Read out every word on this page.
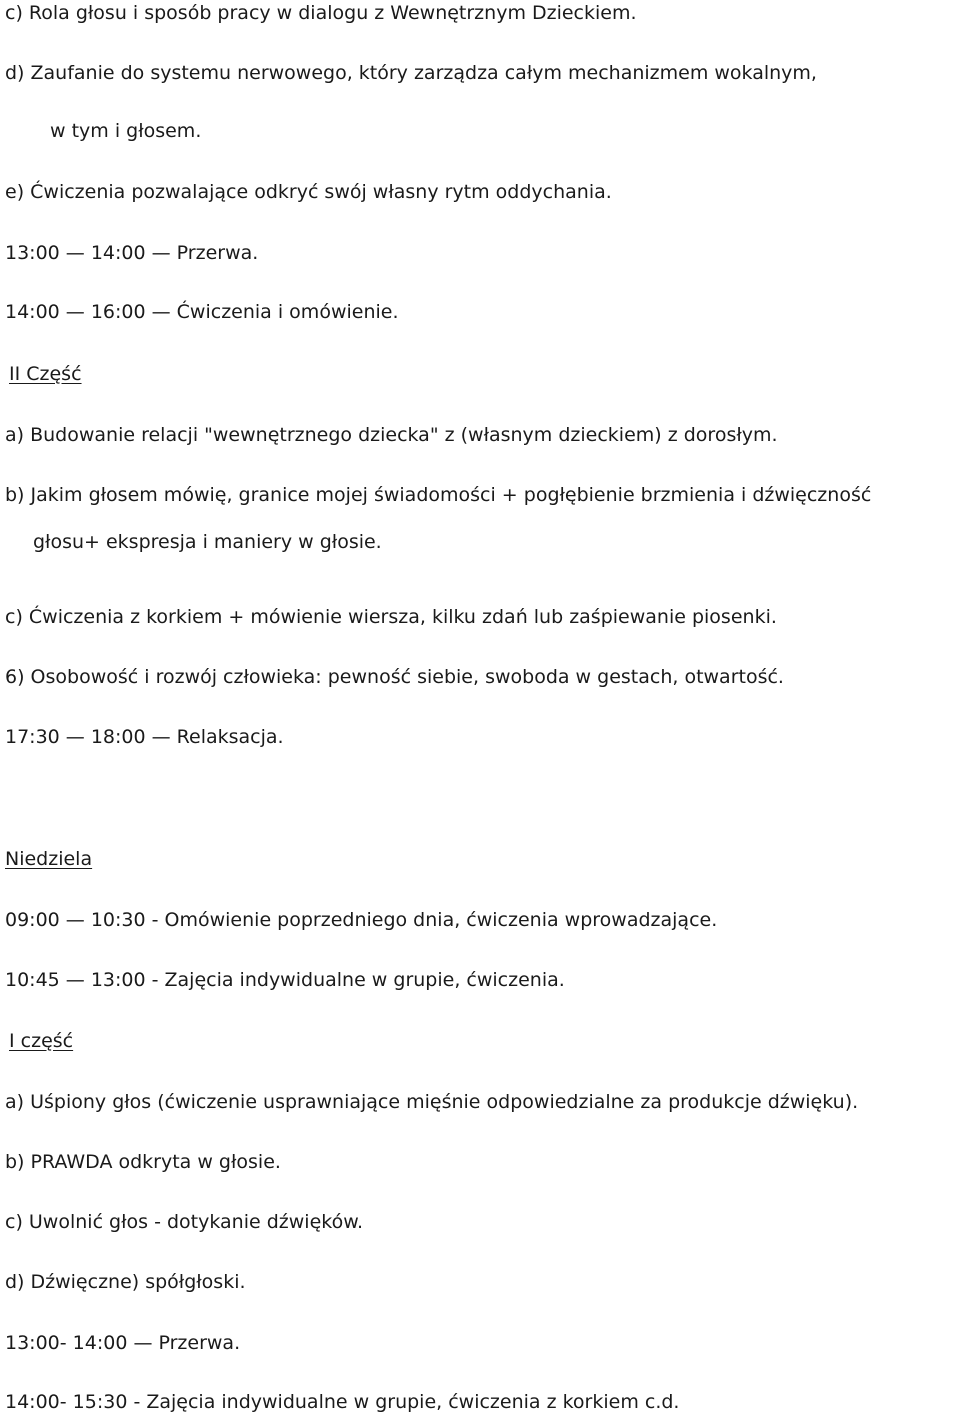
c) Rola głosu i sposób pracy w dialogu z Wewnętrznym Dzieckiem.
d) Zaufanie do systemu nerwowego, który zarządza całym mechanizmem wokalnym,
w tym i głosem.
e) Ćwiczenia pozwalające odkryć swój własny rytm oddychania.
13:00 — 14:00 — Przerwa.
14:00 — 16:00 — Ćwiczenia i omówienie.
II Część
a) Budowanie relacji "wewnętrznego dziecka" z (własnym dzieckiem) z dorosłym.
b) Jakim głosem mówię, granice mojej świadomości + pogłębienie brzmienia i dźwięczność
głosu+ ekspresja i maniery w głosie.
c) Ćwiczenia z korkiem + mówienie wiersza, kilku zdań lub zaśpiewanie piosenki.
6) Osobowość i rozwój człowieka: pewność siebie, swoboda w gestach, otwartość.
17:30 — 18:00 — Relaksacja.
Niedziela
09:00 — 10:30 - Omówienie poprzedniego dnia, ćwiczenia wprowadzające.
10:45 — 13:00 - Zajęcia indywidualne w grupie, ćwiczenia.
I część
a) Uśpiony głos (ćwiczenie usprawniające mięśnie odpowiedzialne za produkcje dźwięku).
b) PRAWDA odkryta w głosie.
c) Uwolnić głos - dotykanie dźwięków.
d) Dźwięczne) spółgłoski.
13:00- 14:00 — Przerwa.
14:00- 15:30 - Zajęcia indywidualne w grupie, ćwiczenia z korkiem c.d.
